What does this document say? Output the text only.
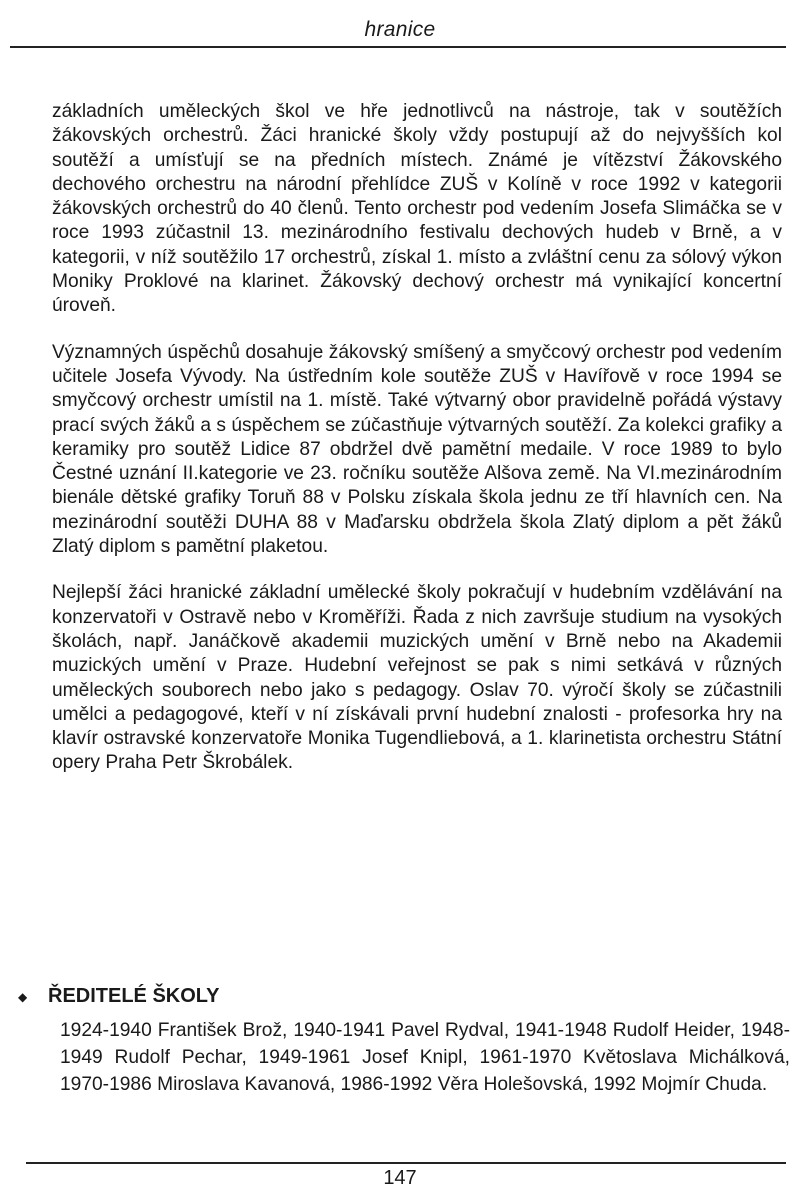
hranice

základních uměleckých škol ve hře jednotlivců na nástroje, tak v soutěžích žákovských orchestrů. Žáci hranické školy vždy postupují až do nejvyšších kol soutěží a umísťují se na předních místech. Známé je vítězství Žákovského dechového orchestru na národní přehlídce ZUŠ v Kolíně v roce 1992 v kategorii žákovských orchestrů do 40 členů. Tento orchestr pod vedením Josefa Slimáčka se v roce 1993 zúčastnil 13. mezinárodního festivalu dechových hudeb v Brně, a v kategorii, v níž soutěžilo 17 orchestrů, získal 1. místo a zvláštní cenu za sólový výkon Moniky Proklové na klarinet. Žákovský dechový orchestr má vynikající koncertní úroveň.

Významných úspěchů dosahuje žákovský smíšený a smyčcový orchestr pod vedením učitele Josefa Vývody. Na ústředním kole soutěže ZUŠ v Havířově v roce 1994 se smyčcový orchestr umístil na 1. místě. Také výtvarný obor pravidelně pořádá výstavy prací svých žáků a s úspěchem se zúčastňuje výtvarných soutěží. Za kolekci grafiky a keramiky pro soutěž Lidice 87 obdržel dvě pamětní medaile. V roce 1989 to bylo Čestné uznání II.kategorie ve 23. ročníku soutěže Alšova země. Na VI.mezinárodním bienále dětské grafiky Toruň 88 v Polsku získala škola jednu ze tří hlavních cen. Na mezinárodní soutěži DUHA 88 v Maďarsku obdržela škola Zlatý diplom a pět žáků Zlatý diplom s pamětní plaketou.

Nejlepší žáci hranické základní umělecké školy pokračují v hudebním vzdělávání na konzervatoři v Ostravě nebo v Kroměříži. Řada z nich završuje studium na vysokých školách, např. Janáčkově akademii muzických umění v Brně nebo na Akademii muzických umění v Praze. Hudební veřejnost se pak s nimi setkává v různých uměleckých souborech nebo jako s pedagogy. Oslav 70. výročí školy se zúčastnili umělci a pedagogové, kteří v ní získávali první hudební znalosti - profesorka hry na klavír ostravské konzervatoře Monika Tugendliebová, a 1. klarinetista orchestru Státní opery Praha Petr Škrobálek.

◆	ŘEDITELÉ ŠKOLY
1924-1940 František Brož, 1940-1941 Pavel Rydval, 1941-1948 Rudolf Heider, 1948-1949 Rudolf Pechar, 1949-1961 Josef Knipl, 1961-1970 Květoslava Michálková, 1970-1986 Miroslava Kavanová, 1986-1992 Věra Holešovská, 1992 Mojmír Chuda.
147
